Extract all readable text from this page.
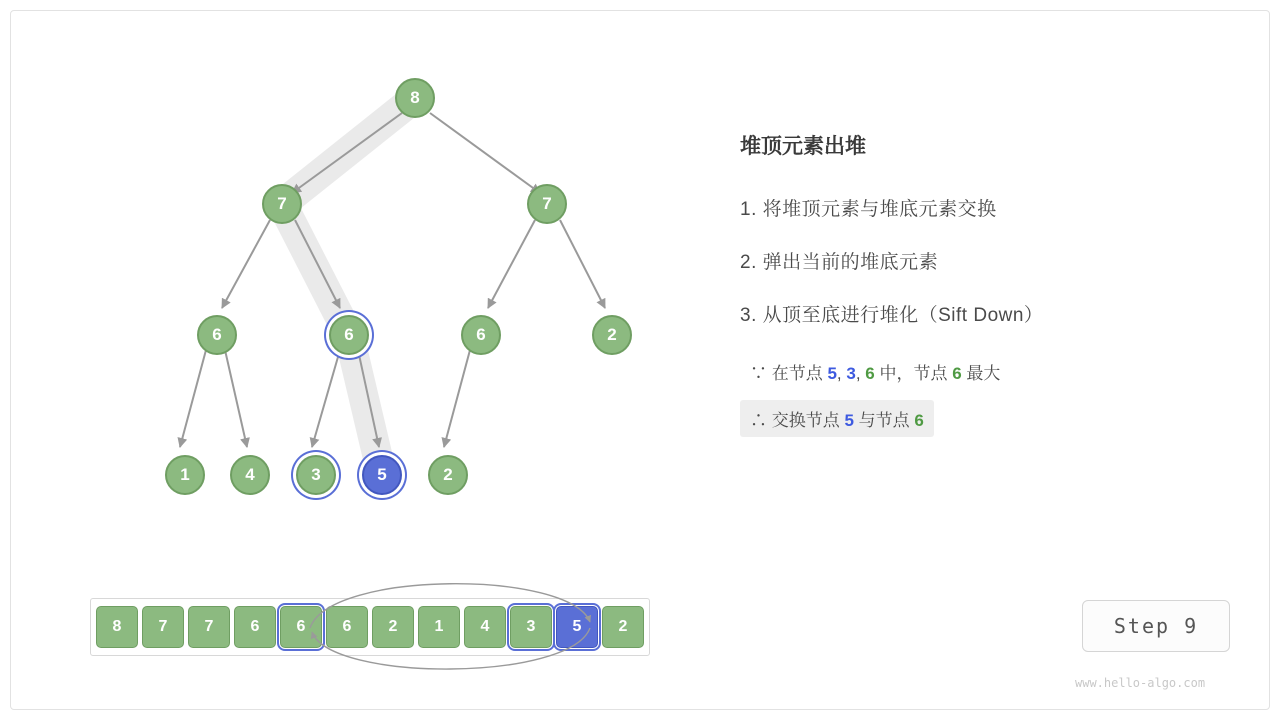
8
7	7
6	6	6	2
1	4	3	5	2
8 7 7 6 6 6 2 1 4 3 5 2
堆顶元素出堆
1. 将堆顶元素与堆底元素交换
2. 弹出当前的堆底元素
3. 从顶至底进行堆化（Sift Down）
∵ 在节点 5, 3, 6 中，节点 6 最大
∴ 交换节点 5 与节点 6
Step 9
www.hello-algo.com
